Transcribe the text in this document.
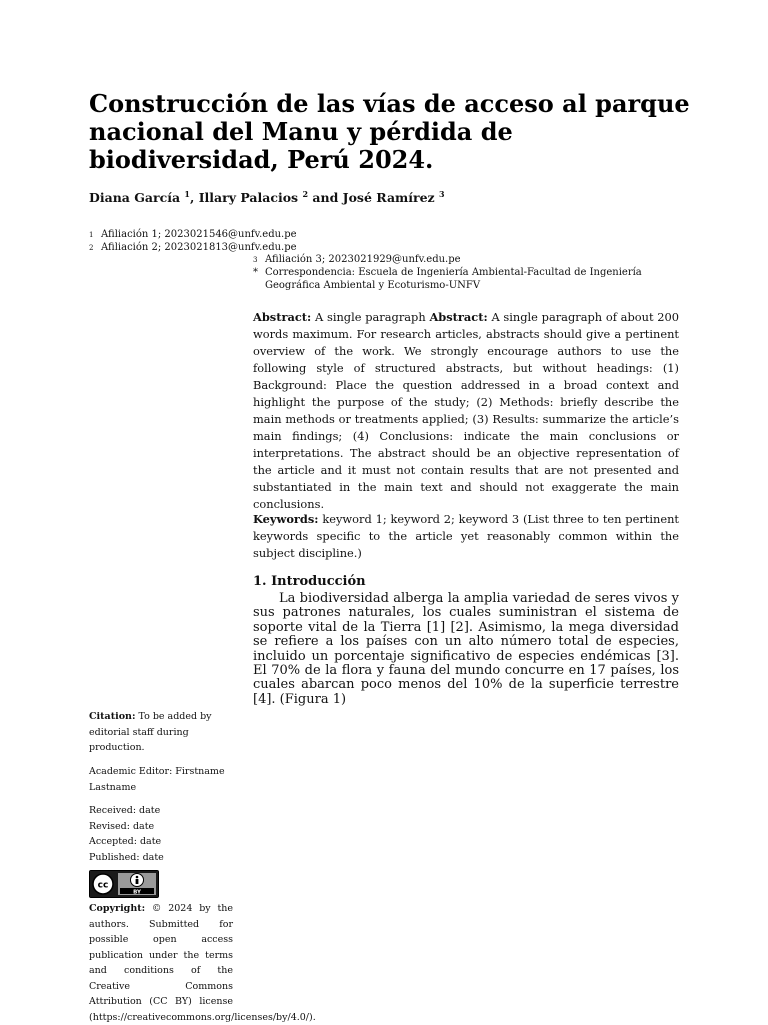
Construcción de las vías de acceso al parque nacional del Manu y pérdida de biodiversidad, Perú 2024.
Diana García $^1$, Illary Palacios $^2$ and José Ramírez $^3$
1 Afiliación 1; 2023021546@unfv.edu.pe
2 Afiliación 2; 2023021813@unfv.edu.pe
3 Afiliación 3; 2023021929@unfv.edu.pe
* Correspondencia: Escuela de Ingeniería Ambiental-Facultad de Ingeniería
Geográfica Ambiental y Ecoturismo-UNFV
Abstract: A single paragraph Abstract: A single paragraph of about 200 words maximum. For research articles, abstracts should give a pertinent overview of the work. We strongly encourage authors to use the following style of structured abstracts, but without headings: (1) Background: Place the question addressed in a broad context and highlight the purpose of the study; (2) Methods: briefly describe the main methods or treatments applied; (3) Results: summarize the article’s main findings; (4) Conclusions: indicate the main conclusions or interpretations. The abstract should be an objective representation of the article and it must not contain results that are not presented and substantiated in the main text and should not exaggerate the main conclusions.
Keywords: keyword 1; keyword 2; keyword 3 (List three to ten pertinent keywords specific to the article yet reasonably common within the subject discipline.)
1. Introducción
La biodiversidad alberga la amplia variedad de seres vivos y sus patrones naturales, los cuales suministran el sistema de soporte vital de la Tierra [1] [2]. Asimismo, la mega diversidad se refiere a los países con un alto número total de especies, incluido un porcentaje significativo de especies endémicas [3]. El 70% de la flora y fauna del mundo concurre en 17 países, los cuales abarcan poco menos del 10% de la superficie terrestre [4]. (Figura 1)
Citation: To be added by editorial staff during production.
Academic Editor: Firstname Lastname
Received: date
Revised: date
Accepted: date
Published: date
cc
BY
Copyright: © 2024 by the authors. Submitted for possible open access publication under the terms and conditions of the Creative Commons Attribution (CC BY) license (https://creativecommons.org/licenses/by/4.0/).
